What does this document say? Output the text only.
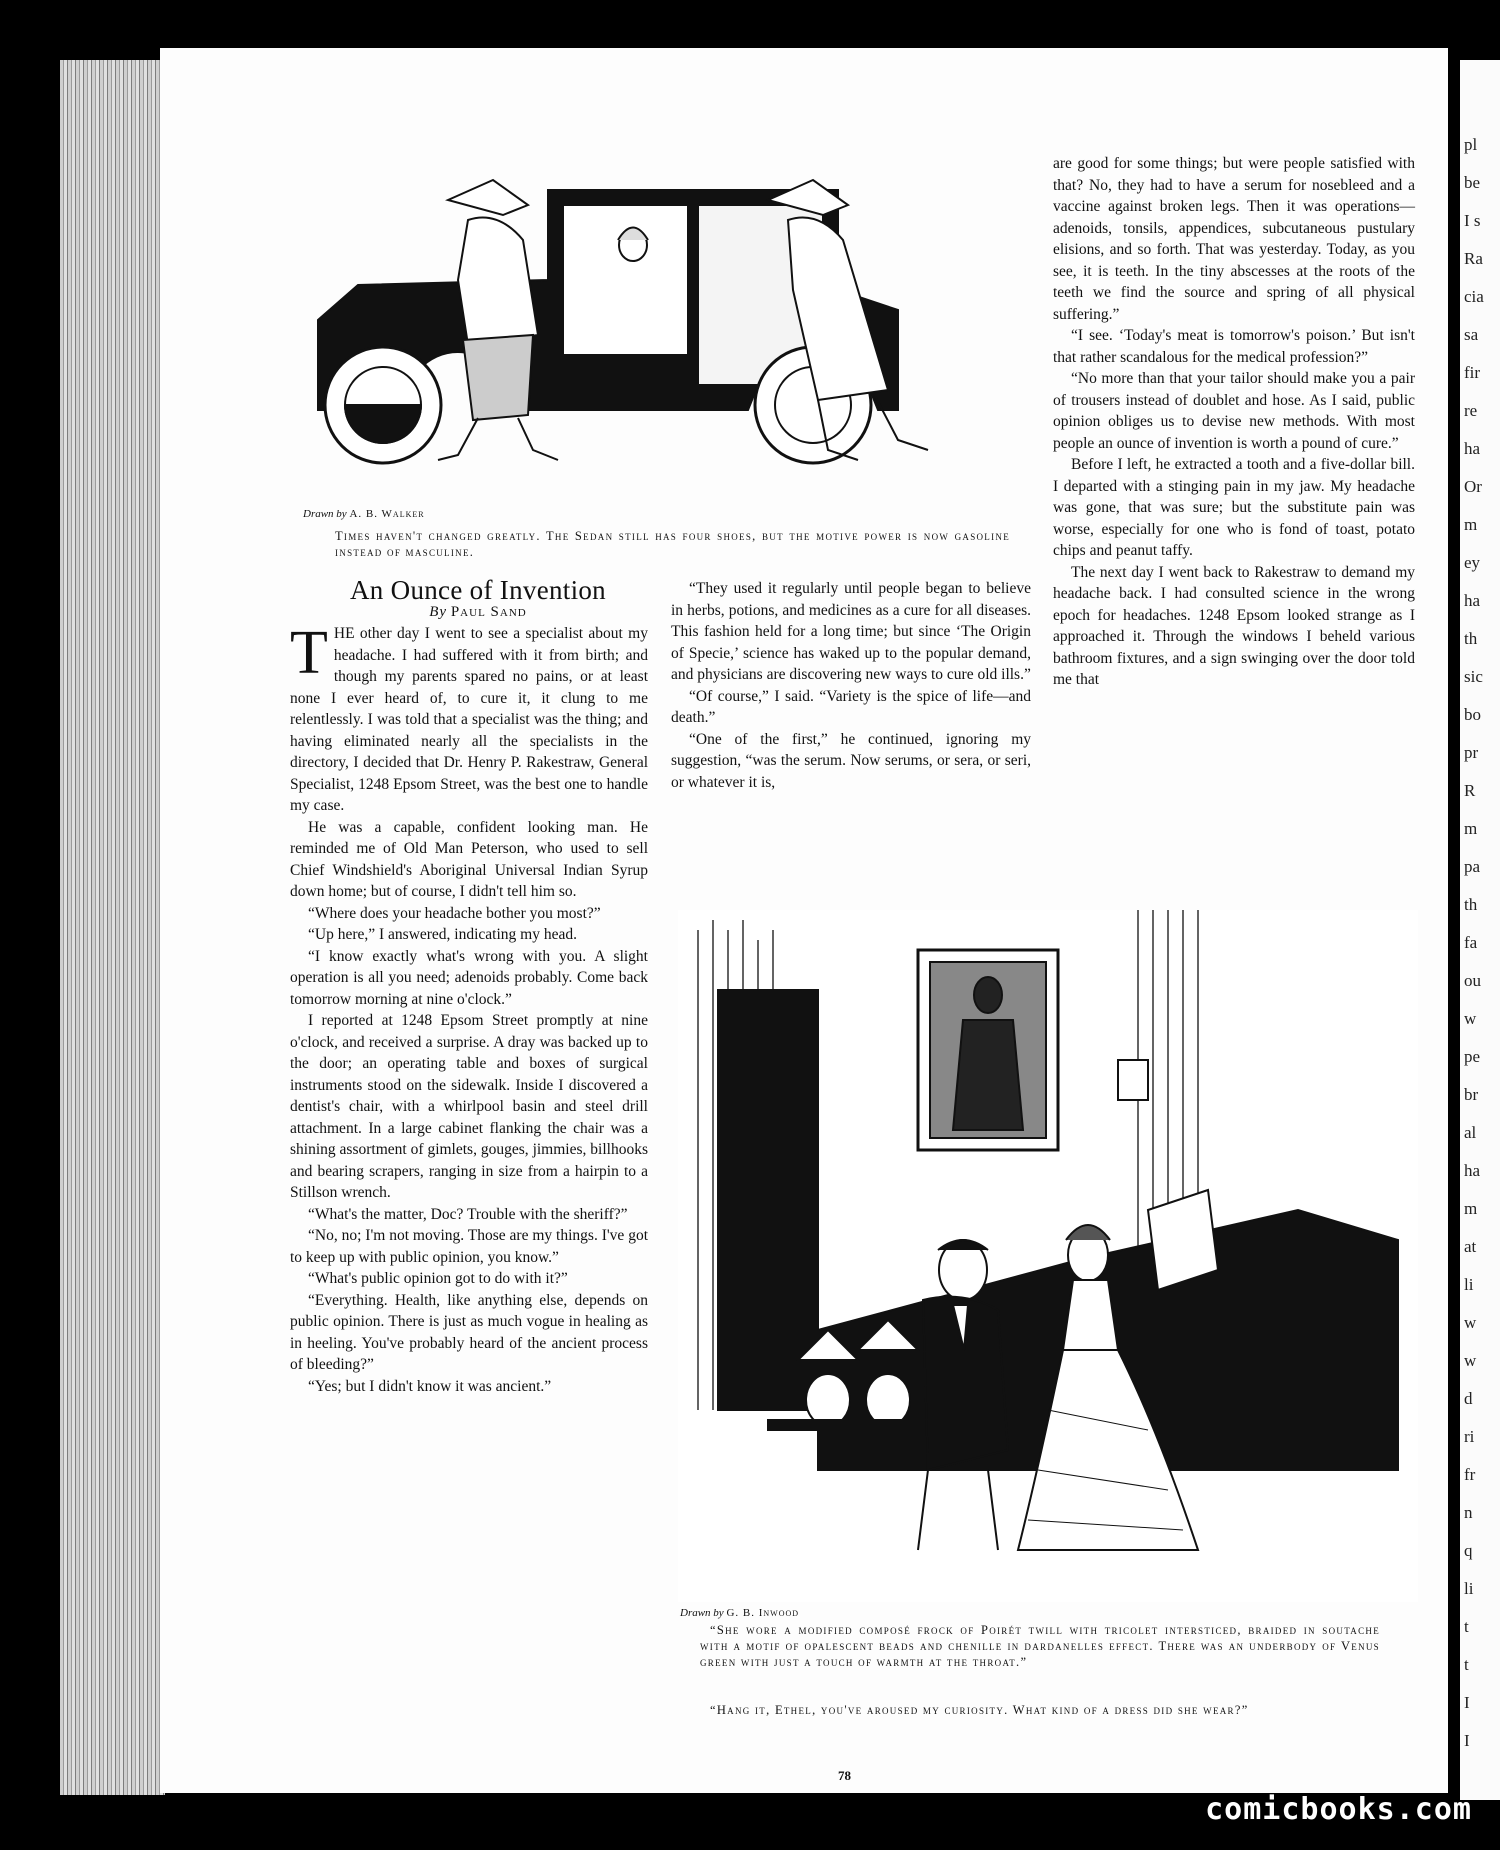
pl
be
I s
Ra
cia
sa
fir
re
ha
Or
m
ey
ha
th
sic
bo
pr
R
m
pa
th
fa
ou
w
pe
br
al
ha
m
at
li
w
w
d
ri
fr
n
q
li
t
t
I
I
Drawn by A. B. Walker
Times haven't changed greatly. The Sedan still has four shoes, but the motive power is now gasoline instead of masculine.

An Ounce of Invention

By Paul Sand

THE other day I went to see a specialist about my headache. I had suffered with it from birth; and though my parents spared no pains, or at least none I ever heard of, to cure it, it clung to me relentlessly. I was told that a specialist was the thing; and having eliminated nearly all the specialists in the directory, I decided that Dr. Henry P. Rakestraw, General Specialist, 1248 Epsom Street, was the best one to handle my case.

He was a capable, confident looking man. He reminded me of Old Man Peterson, who used to sell Chief Windshield's Aboriginal Universal Indian Syrup down home; but of course, I didn't tell him so.

“Where does your headache bother you most?”

“Up here,” I answered, indicating my head.

“I know exactly what's wrong with you. A slight operation is all you need; adenoids probably. Come back tomorrow morning at nine o'clock.”

I reported at 1248 Epsom Street promptly at nine o'clock, and received a surprise. A dray was backed up to the door; an operating table and boxes of surgical instruments stood on the sidewalk. Inside I discovered a dentist's chair, with a whirlpool basin and steel drill attachment. In a large cabinet flanking the chair was a shining assortment of gimlets, gouges, jimmies, billhooks and bearing scrapers, ranging in size from a hairpin to a Stillson wrench.

“What's the matter, Doc? Trouble with the sheriff?”

“No, no; I'm not moving. Those are my things. I've got to keep up with public opinion, you know.”

“What's public opinion got to do with it?”

“Everything. Health, like anything else, depends on public opinion. There is just as much vogue in healing as in heeling. You've probably heard of the ancient process of bleeding?”

“Yes; but I didn't know it was ancient.”

“They used it regularly until people began to believe in herbs, potions, and medicines as a cure for all diseases. This fashion held for a long time; but since ‘The Origin of Specie,’ science has waked up to the popular demand, and physicians are discovering new ways to cure old ills.”

“Of course,” I said. “Variety is the spice of life—and death.”

“One of the first,” he continued, ignoring my suggestion, “was the serum. Now serums, or sera, or seri, or whatever it is,

are good for some things; but were people satisfied with that? No, they had to have a serum for nosebleed and a vaccine against broken legs. Then it was operations—adenoids, tonsils, appendices, subcutaneous pustulary elisions, and so forth. That was yesterday. Today, as you see, it is teeth. In the tiny abscesses at the roots of the teeth we find the source and spring of all physical suffering.”

“I see. ‘Today's meat is tomorrow's poison.’ But isn't that rather scandalous for the medical profession?”

“No more than that your tailor should make you a pair of trousers instead of doublet and hose. As I said, public opinion obliges us to devise new methods. With most people an ounce of invention is worth a pound of cure.”

Before I left, he extracted a tooth and a five-dollar bill. I departed with a stinging pain in my jaw. My headache was gone, that was sure; but the substitute pain was worse, especially for one who is fond of toast, potato chips and peanut taffy.

The next day I went back to Rakestraw to demand my headache back. I had consulted science in the wrong epoch for headaches. 1248 Epsom looked strange as I approached it. Through the windows I beheld various bathroom fixtures, and a sign swinging over the door told me that

Drawn by G. B. Inwood
“She wore a modified composé frock of Poirét twill with tricolet intersticed, braided in soutache with a motif of opalescent beads and chenille in dardanelles effect. There was an underbody of Venus green with just a touch of warmth at the throat.”
“Hang it, Ethel, you've aroused my curiosity. What kind of a dress did she wear?”
78
comicbooks.com
